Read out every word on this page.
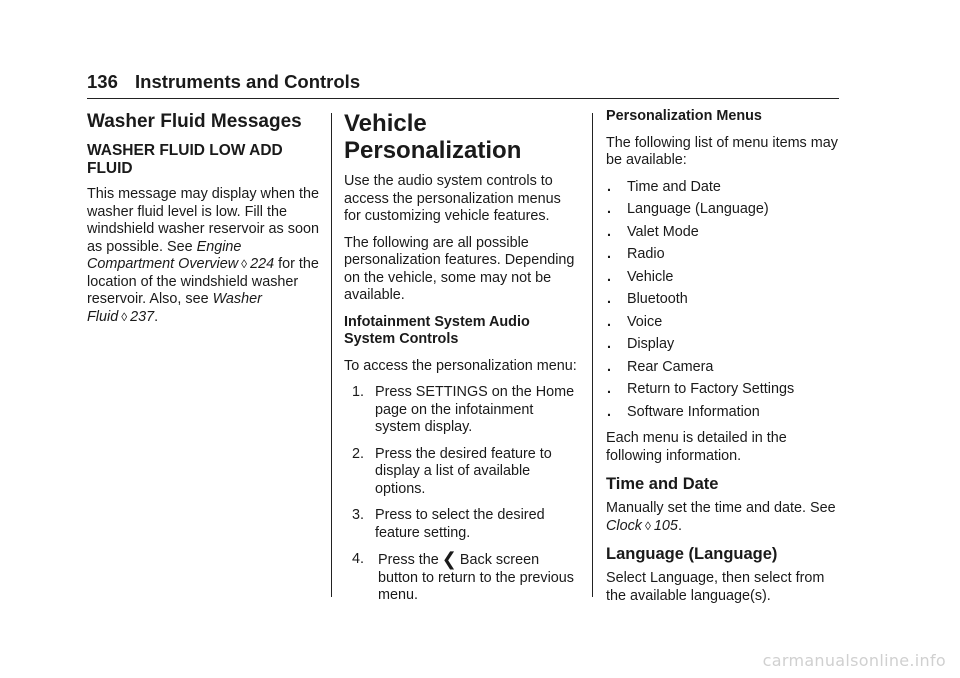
136 Instruments and Controls
Washer Fluid Messages
WASHER FLUID LOW ADD FLUID

This message may display when the washer fluid level is low. Fill the windshield washer reservoir as soon as possible. See Engine Compartment Overview ◊ 224 for the location of the windshield washer reservoir. Also, see Washer Fluid ◊ 237.

Vehicle Personalization

Use the audio system controls to access the personalization menus for customizing vehicle features.

The following are all possible personalization features. Depending on the vehicle, some may not be available.

Infotainment System Audio System Controls

To access the personalization menu:

1. Press SETTINGS on the Home page on the infotainment system display.
2. Press the desired feature to display a list of available options.
3. Press to select the desired feature setting.
4. Press the ❮ Back screen button to return to the previous menu.

Personalization Menus

The following list of menu items may be available:

.	Time and Date
.	Language (Language)
.	Valet Mode
.	Radio
.	Vehicle
.	Bluetooth
.	Voice
.	Display
.	Rear Camera
.	Return to Factory Settings
.	Software Information

Each menu is detailed in the following information.

Time and Date

Manually set the time and date. See Clock ◊ 105.

Language (Language)

Select Language, then select from the available language(s).

carmanualsonline.info
